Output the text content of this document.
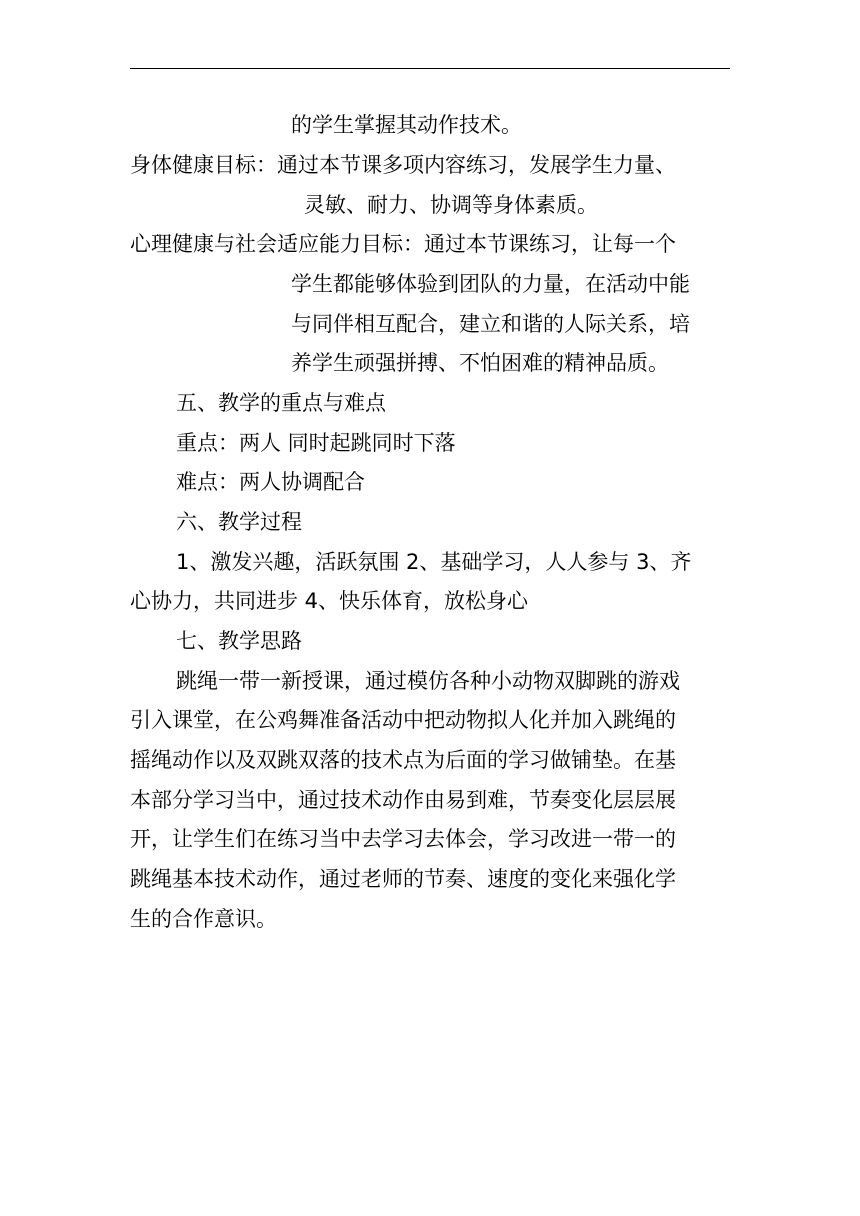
的学生掌握其动作技术。
身体健康目标：通过本节课多项内容练习，发展学生力量、
灵敏、耐力、协调等身体素质。
心理健康与社会适应能力目标：通过本节课练习，让每一个
学生都能够体验到团队的力量，在活动中能
与同伴相互配合，建立和谐的人际关系，培
养学生顽强拼搏、不怕困难的精神品质。
五、教学的重点与难点
重点：两人 同时起跳同时下落
难点：两人协调配合
六、教学过程
1、激发兴趣，活跃氛围 2、基础学习，人人参与 3、齐
心协力，共同进步 4、快乐体育，放松身心
七、教学思路
跳绳一带一新授课，通过模仿各种小动物双脚跳的游戏
引入课堂，在公鸡舞准备活动中把动物拟人化并加入跳绳的
摇绳动作以及双跳双落的技术点为后面的学习做铺垫。在基
本部分学习当中，通过技术动作由易到难，节奏变化层层展
开，让学生们在练习当中去学习去体会，学习改进一带一的
跳绳基本技术动作，通过老师的节奏、速度的变化来强化学
生的合作意识。
